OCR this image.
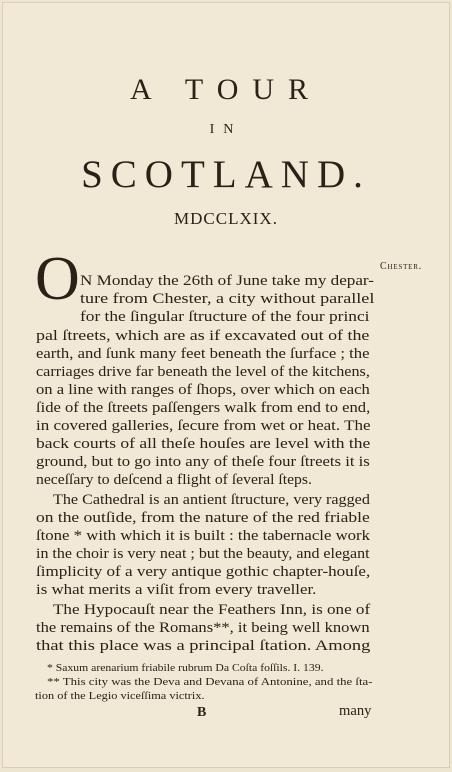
A TOUR
IN
SCOTLAND.
MDCCLXIX.
Chester.
O N Monday the 26th of June take my depar-
ture from Chester, a city without parallel
for the ſingular ſtructure of the four princi
pal ſtreets, which are as if excavated out of the
earth, and ſunk many feet beneath the ſurface ; the
carriages drive far beneath the level of the kitchens,
on a line with ranges of ſhops, over which on each
ſide of the ſtreets paſſengers walk from end to end,
in covered galleries, ſecure from wet or heat. The
back courts of all theſe houſes are level with the
ground, but to go into any of theſe four ſtreets it is
neceſſary to deſcend a flight of ſeveral ſteps.
The Cathedral is an antient ſtructure, very ragged
on the outſide, from the nature of the red friable
ſtone * with which it is built : the tabernacle work
in the choir is very neat ; but the beauty, and elegant
ſimplicity of a very antique gothic chapter-houſe,
is what merits a viſit from every traveller.
The Hypocauſt near the Feathers Inn, is one of
the remains of the Romans**, it being well known
that this place was a principal ſtation. Among
* Saxum arenarium friabile rubrum Da Coſta foſſils. I. 139.
** This city was the Deva and Devana of Antonine, and the ſta-
tion of the Legio viceſſima victrix.
B	many
